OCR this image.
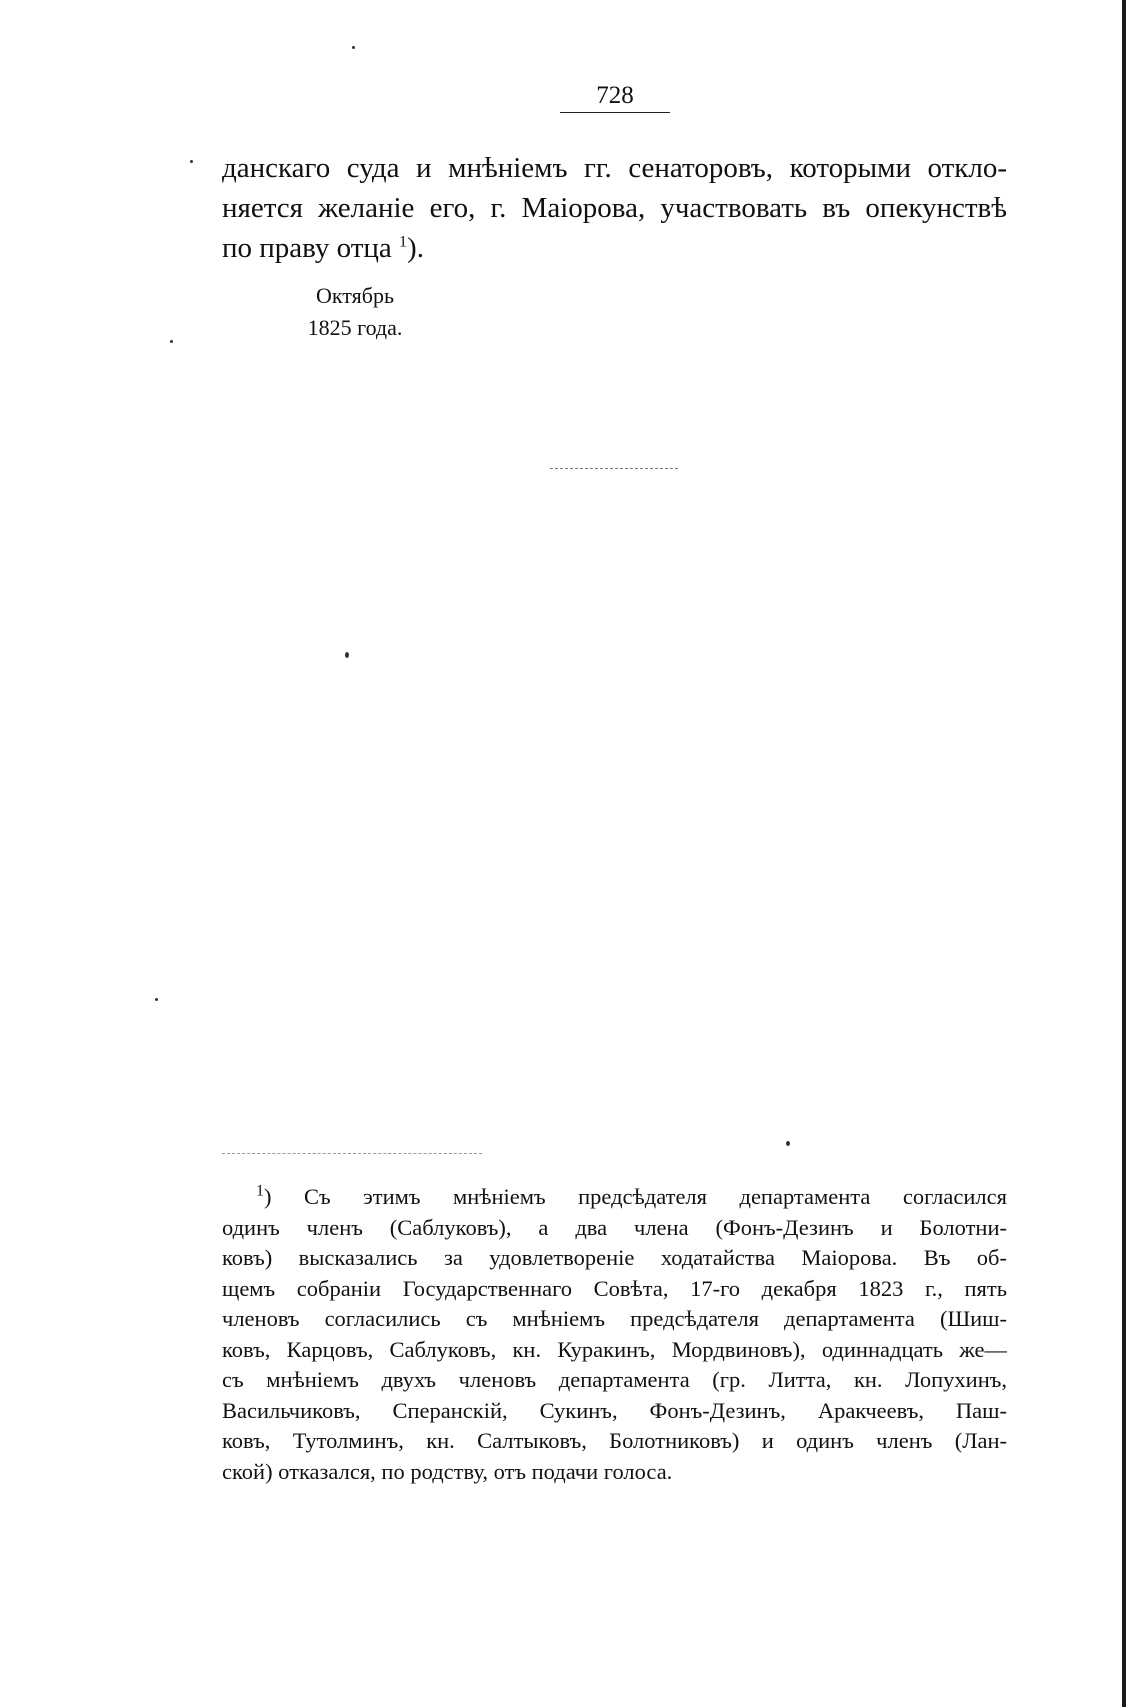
728
данскаго суда и мнѣніемъ гг. сенаторовъ, которыми откло-
няется желаніе его, г. Маіорова, участвовать въ опекунствѣ
по праву отца $^1$).
Октябрь
1825 года.
$^1$) Съ этимъ мнѣніемъ предсѣдателя департамента согласился
одинъ членъ (Саблуковъ), а два члена (Фонъ-Дезинъ и Болотни-
ковъ) высказались за удовлетвореніе ходатайства Маіорова. Въ об-
щемъ собраніи Государственнаго Совѣта, 17-го декабря 1823 г., пять
членовъ согласились съ мнѣніемъ предсѣдателя департамента (Шиш-
ковъ, Карцовъ, Саблуковъ, кн. Куракинъ, Мордвиновъ), одиннадцать же—
съ мнѣніемъ двухъ членовъ департамента (гр. Литта, кн. Лопухинъ,
Васильчиковъ, Сперанскій, Сукинъ, Фонъ-Дезинъ, Аракчеевъ, Паш-
ковъ, Тутолминъ, кн. Салтыковъ, Болотниковъ) и одинъ членъ (Лан-
ской) отказался, по родству, отъ подачи голоса.
